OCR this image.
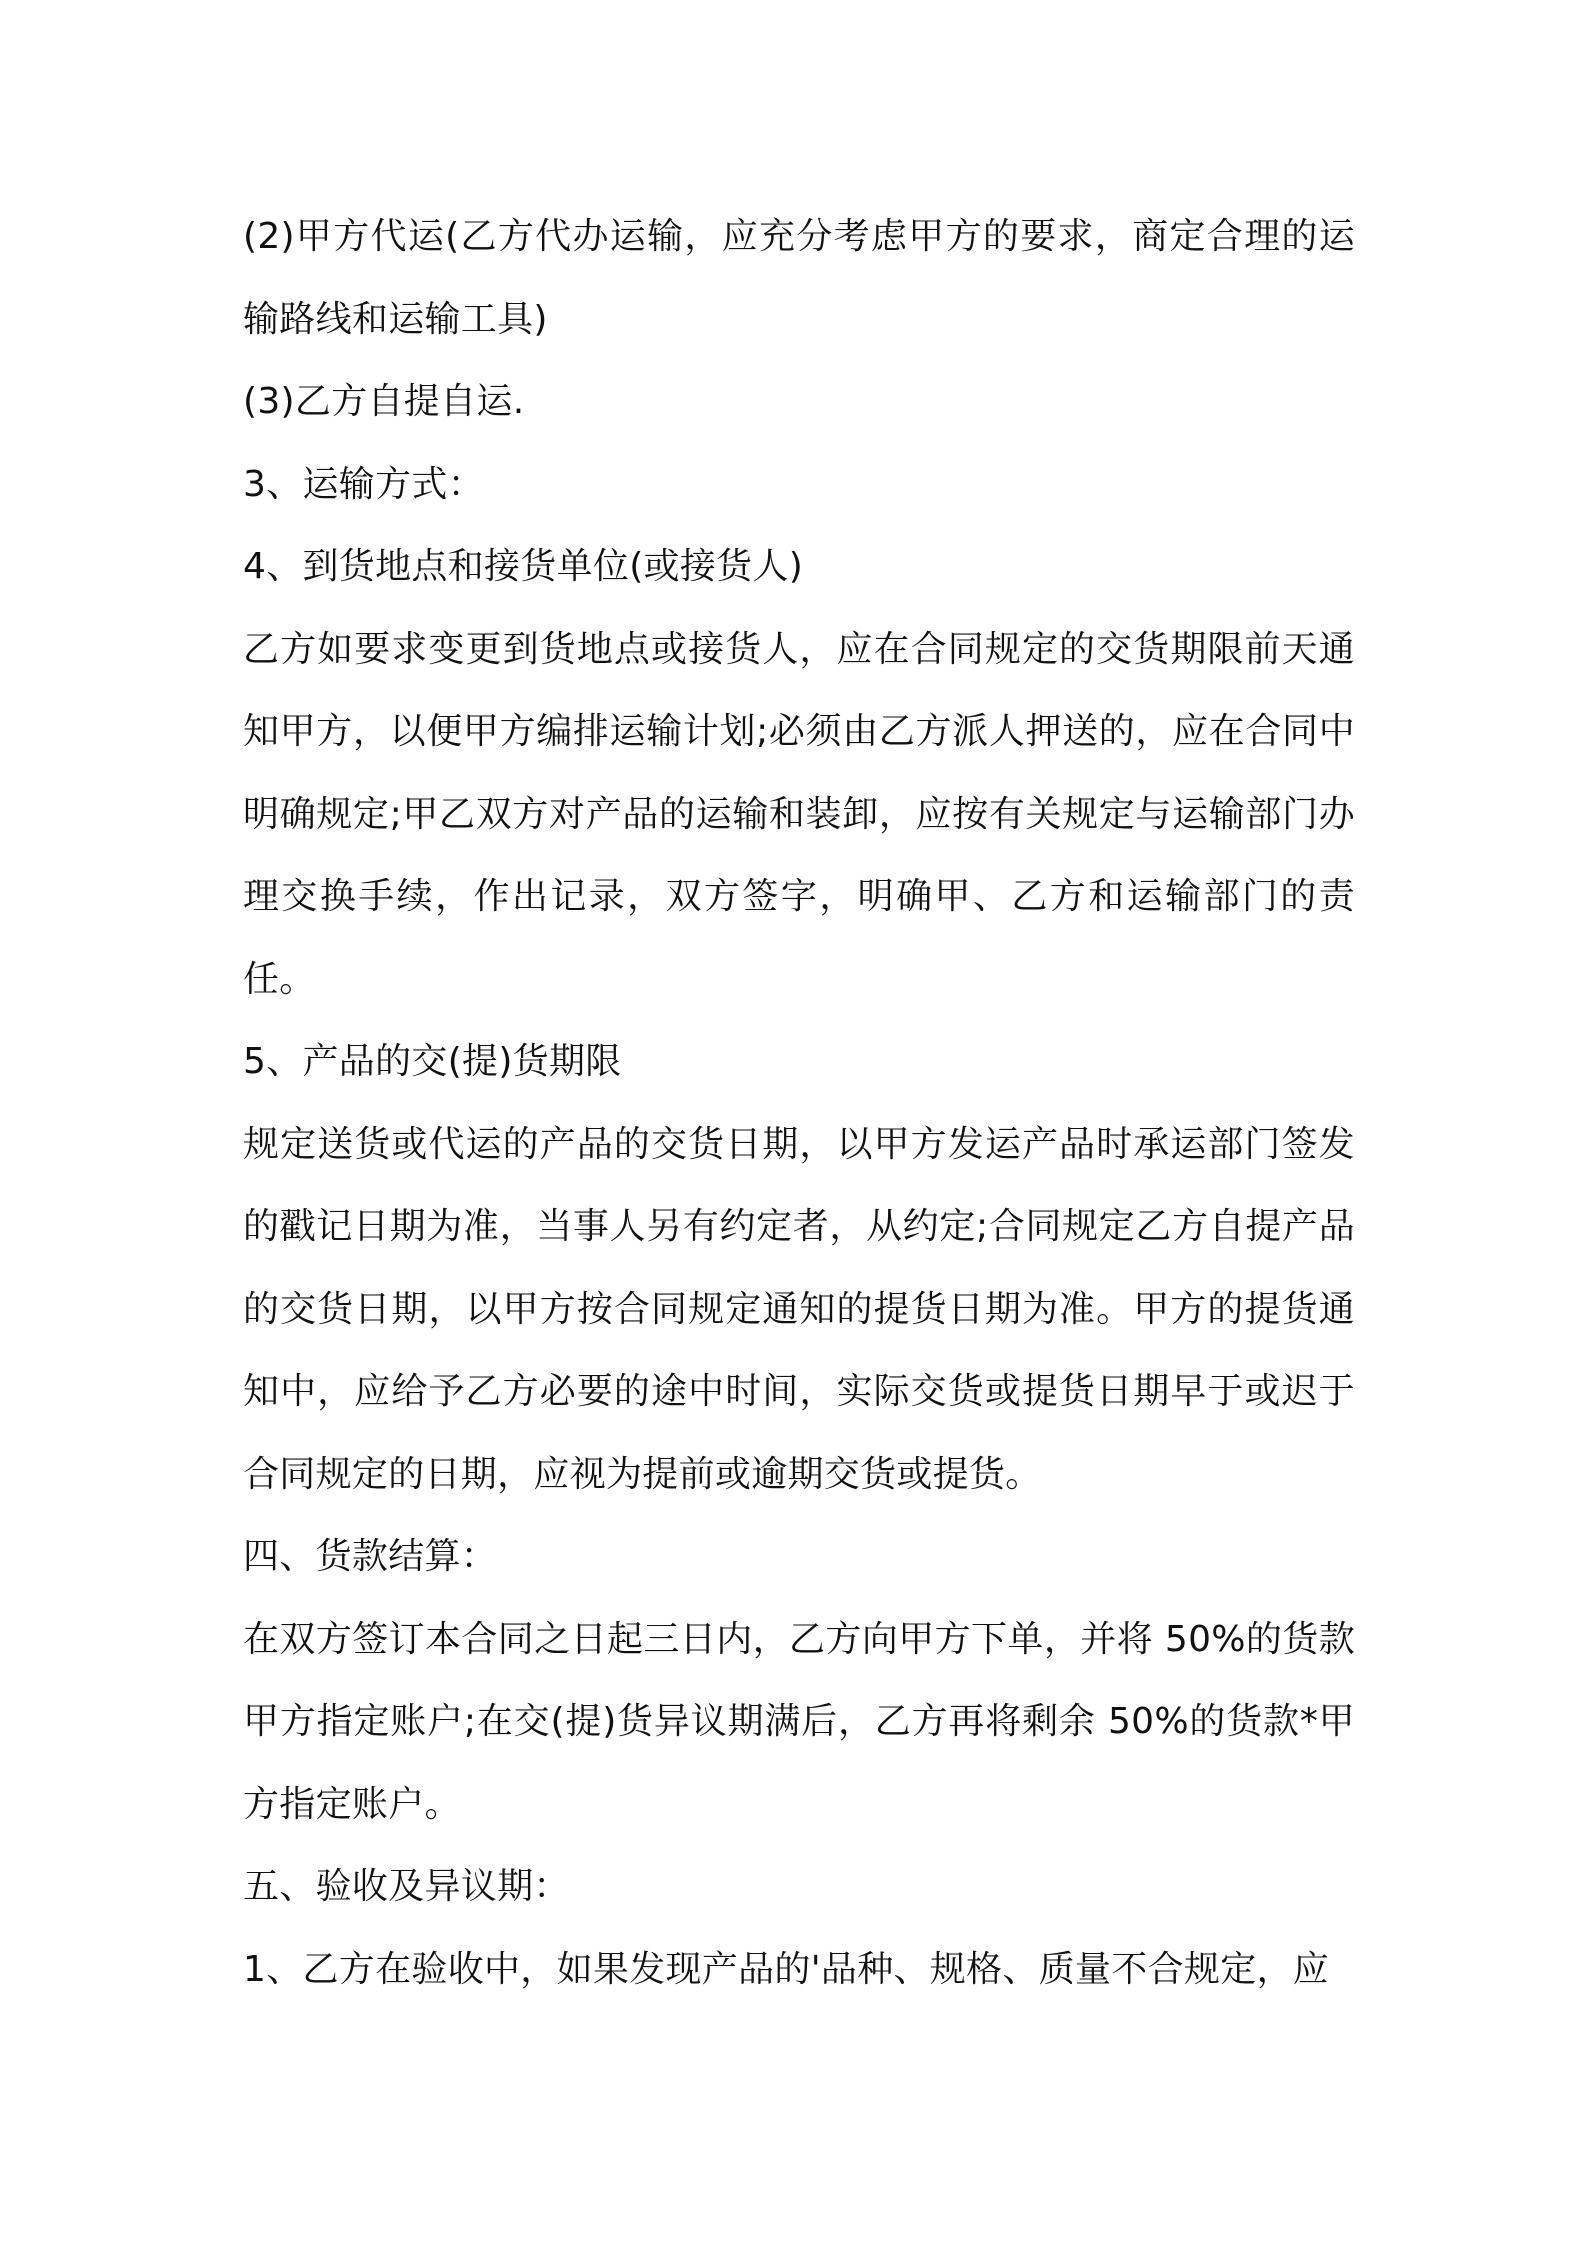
(2)甲方代运(乙方代办运输，应充分考虑甲方的要求，商定合理的运输路线和运输工具)

(3)乙方自提自运.

3、运输方式：

4、到货地点和接货单位(或接货人)

乙方如要求变更到货地点或接货人，应在合同规定的交货期限前天通知甲方，以便甲方编排运输计划;必须由乙方派人押送的，应在合同中明确规定;甲乙双方对产品的运输和装卸，应按有关规定与运输部门办理交换手续，作出记录，双方签字，明确甲、乙方和运输部门的责任。

5、产品的交(提)货期限

规定送货或代运的产品的交货日期，以甲方发运产品时承运部门签发的戳记日期为准，当事人另有约定者，从约定;合同规定乙方自提产品的交货日期，以甲方按合同规定通知的提货日期为准。甲方的提货通知中，应给予乙方必要的途中时间，实际交货或提货日期早于或迟于合同规定的日期，应视为提前或逾期交货或提货。

四、货款结算：

在双方签订本合同之日起三日内，乙方向甲方下单，并将 50%的货款甲方指定账户;在交(提)货异议期满后，乙方再将剩余 50%的货款*甲方指定账户。

五、验收及异议期：

1、乙方在验收中，如果发现产品的'品种、规格、质量不合规定，应
